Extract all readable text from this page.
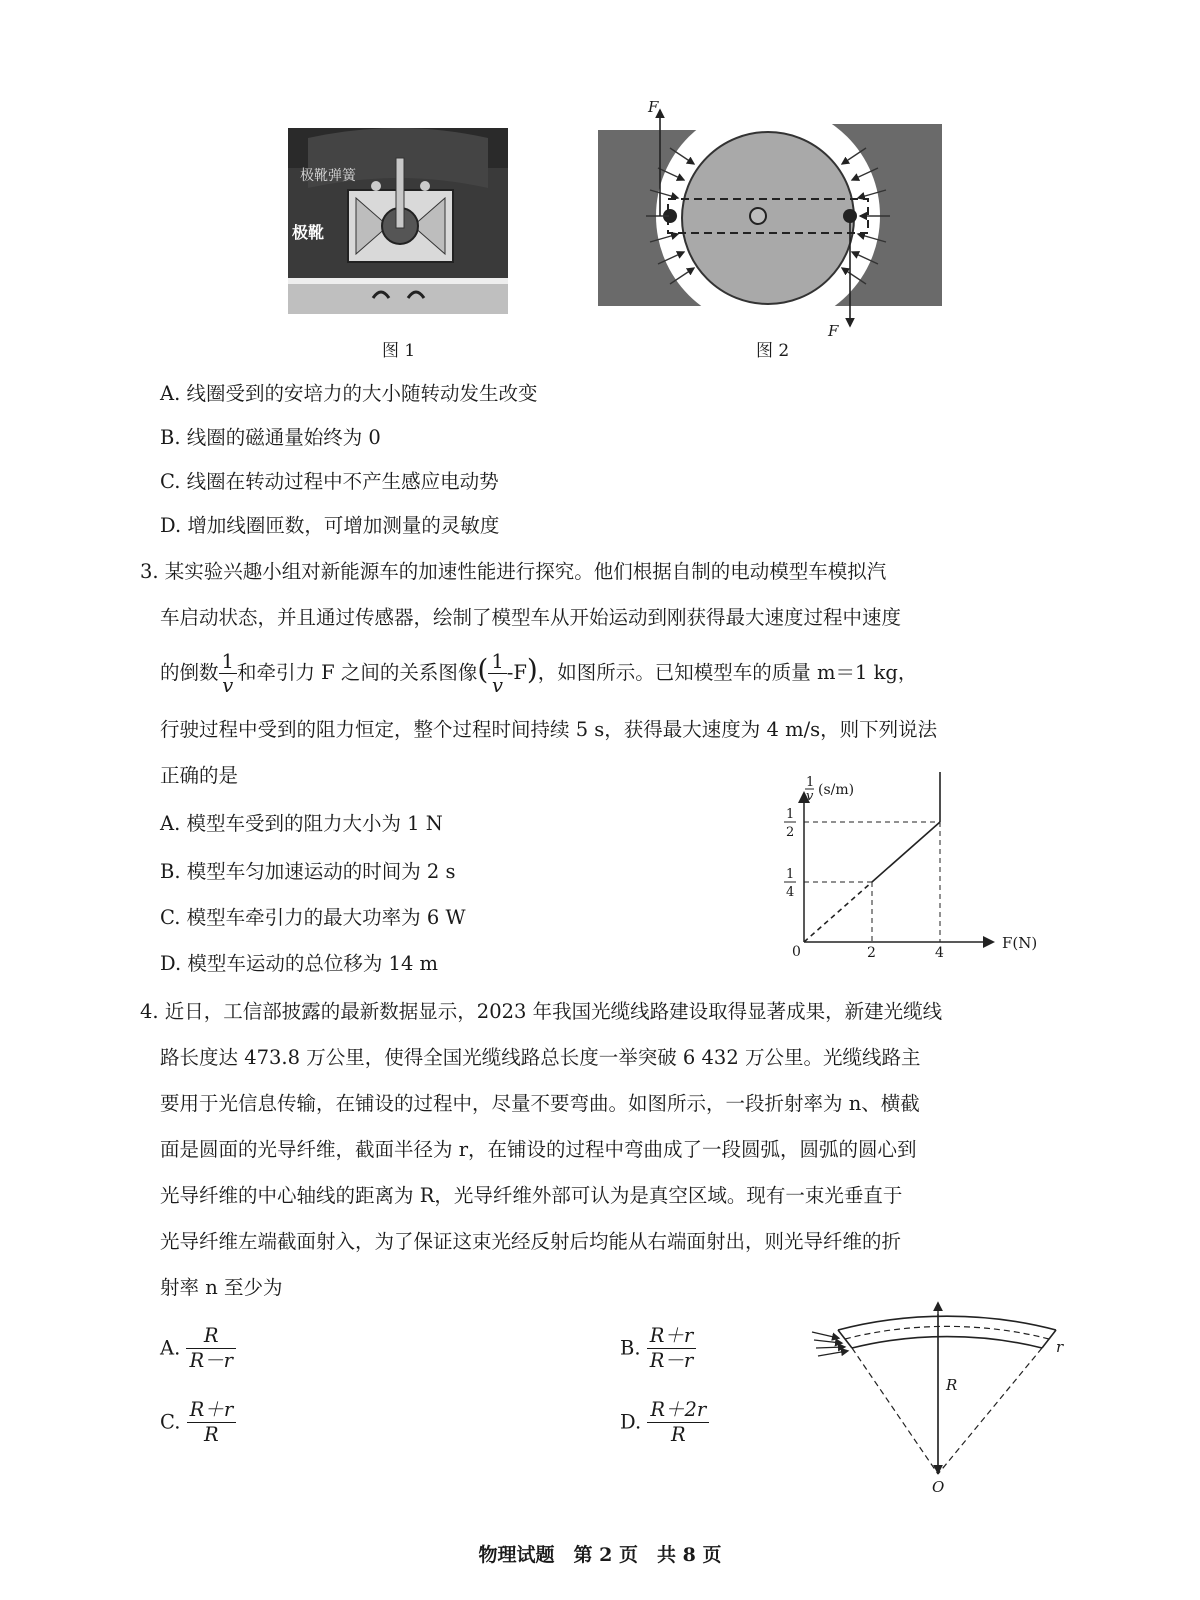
极靴弹簧
极靴
图 1
F
F
图 2
A. 线圈受到的安培力的大小随转动发生改变
B. 线圈的磁通量始终为 0
C. 线圈在转动过程中不产生感应电动势
D. 增加线圈匝数，可增加测量的灵敏度
3. 某实验兴趣小组对新能源车的加速性能进行探究。他们根据自制的电动模型车模拟汽
车启动状态，并且通过传感器，绘制了模型车从开始运动到刚获得最大速度过程中速度
的倒数 $\frac{1}{v}$ 和牵引力 F 之间的关系图像( $\frac{1}{v} -F$)，如图所示。已知模型车的质量 m＝1 kg，
行驶过程中受到的阻力恒定，整个过程时间持续 5 s，获得最大速度为 4 m/s，则下列说法
正确的是
A. 模型车受到的阻力大小为 1 N
B. 模型车匀加速运动的时间为 2 s
C. 模型车牵引力的最大功率为 6 W
D. 模型车运动的总位移为 14 m
1
v (s/m)
F(N)
0	2	4
1
2
1
4
4. 近日，工信部披露的最新数据显示，2023 年我国光缆线路建设取得显著成果，新建光缆线
路长度达 473.8 万公里，使得全国光缆线路总长度一举突破 6 432 万公里。光缆线路主
要用于光信息传输，在铺设的过程中，尽量不要弯曲。如图所示，一段折射率为 n、横截
面是圆面的光导纤维，截面半径为 r，在铺设的过程中弯曲成了一段圆弧，圆弧的圆心到
光导纤维的中心轴线的距离为 R，光导纤维外部可认为是真空区域。现有一束光垂直于
光导纤维左端截面射入，为了保证这束光经反射后均能从右端面射出，则光导纤维的折
射率 n 至少为
A. $\frac{R}{R-r}$	B. $\frac{R+r}{R-r}$
C. $\frac{R+r}{R}$	D. $\frac{R+2r}{R}$
R
r
O
物理试题　第 2 页　共 8 页
